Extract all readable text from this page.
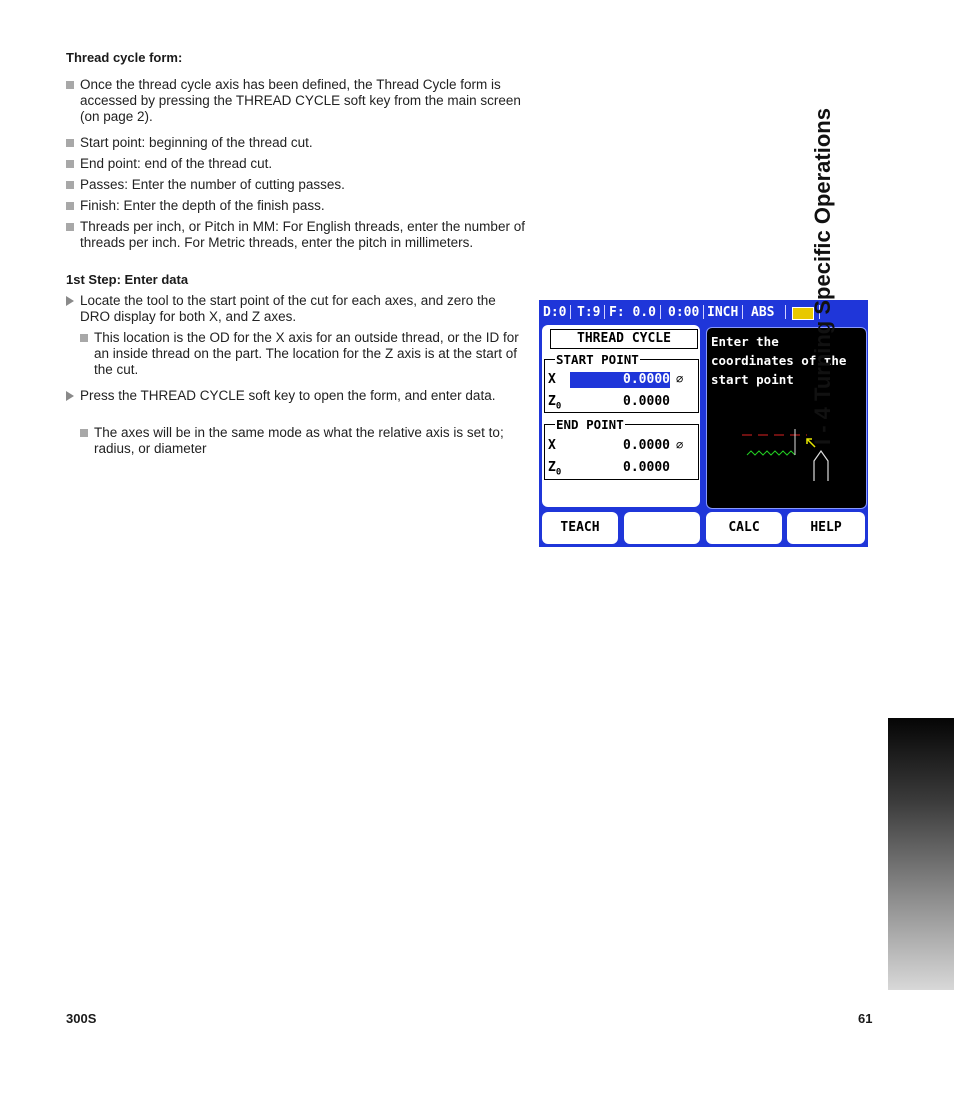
Thread cycle form:
Once the thread cycle axis has been defined, the Thread Cycle form is accessed by pressing the THREAD CYCLE soft key from the main screen (on page 2).
Start point: beginning of the thread cut.
End point: end of the thread cut.
Passes: Enter the number of cutting passes.
Finish: Enter the depth of the finish pass.
Threads per inch, or Pitch in MM: For English threads, enter the number of threads per inch. For Metric threads, enter the pitch in millimeters.
1st Step: Enter data
Locate the tool to the start point of the cut for each axes, and zero the DRO display for both X, and Z axes.
This location is the OD for the X axis for an outside thread, or the ID for an inside thread on the part. The location for the Z axis is at the start of the cut.
Press the THREAD CYCLE soft key to open the form, and enter data.
The axes will be in the same mode as what the relative axis is set to; radius, or diameter
D:0 T:9 F: 0.0 0:00 INCH ABS
THREAD CYCLE
START POINT
X	0.0000 ⌀
$Z_0$	0.0000
END POINT
X	0.0000 ⌀
$Z_0$	0.0000
Enter the coordinates of the start point
TEACH	CALC	HELP
I - 4 Turning Specific Operations
300S	61
